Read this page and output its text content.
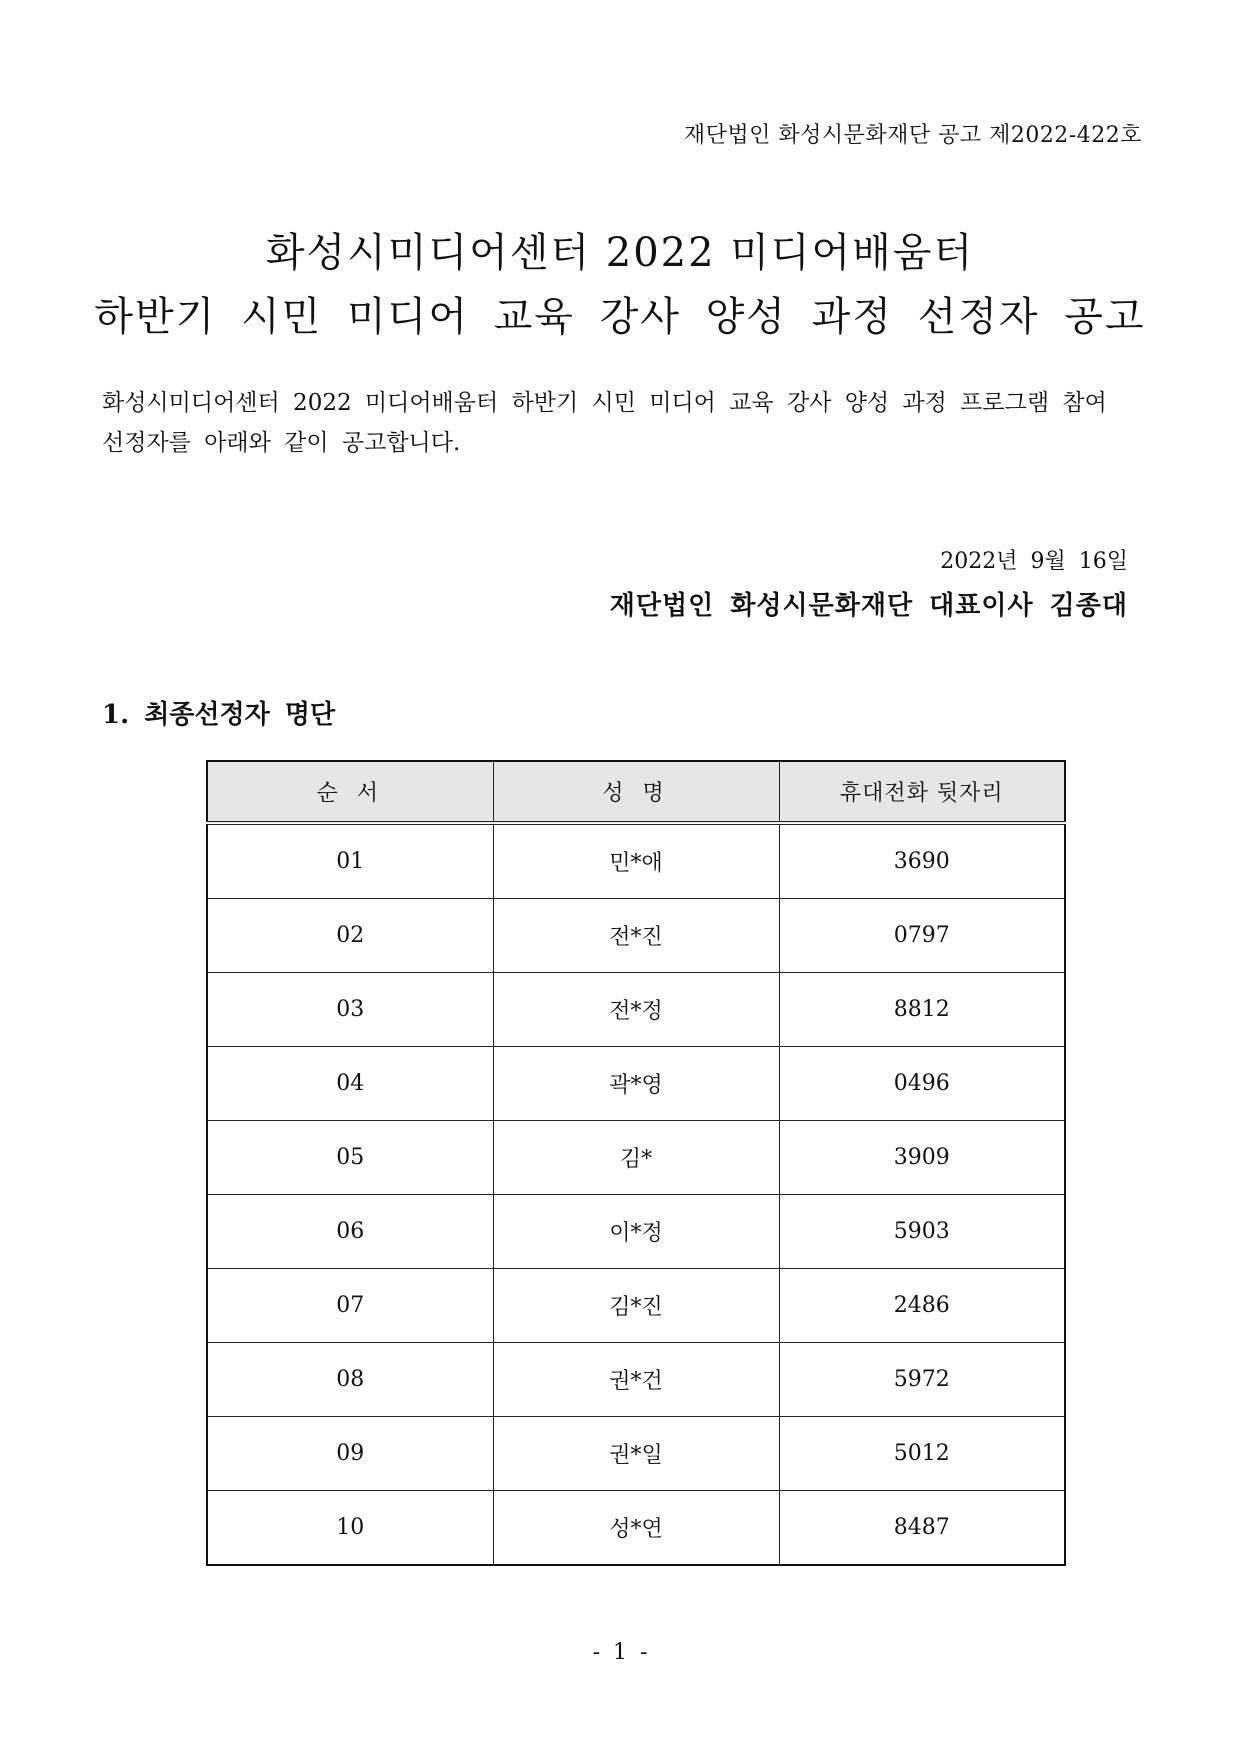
재단법인 화성시문화재단 공고 제2022-422호
화성시미디어센터 2022 미디어배움터
하반기 시민 미디어 교육 강사 양성 과정 선정자 공고
화성시미디어센터 2022 미디어배움터 하반기 시민 미디어 교육 강사 양성 과정 프로그램 참여 선정자를 아래와 같이 공고합니다.
2022년 9월 16일
재단법인 화성시문화재단 대표이사 김종대
1. 최종선정자 명단
순 서	성 명	휴대전화 뒷자리
01	민*애	3690
02	전*진	0797
03	전*정	8812
04	곽*영	0496
05	김*	3909
06	이*정	5903
07	김*진	2486
08	권*건	5972
09	권*일	5012
10	성*연	8487
- 1 -
